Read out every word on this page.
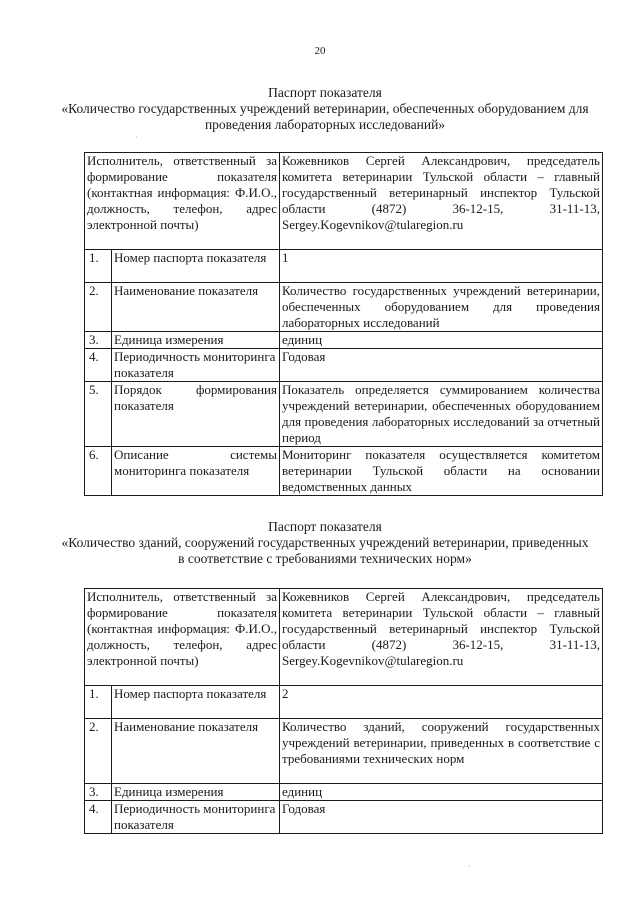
20
Паспорт показателя
«Количество государственных учреждений ветеринарии, обеспеченных оборудованием для проведения лабораторных исследований»
Исполнитель, ответственный за формирование показателя (контактная информация: Ф.И.О., должность, телефон, адрес электронной почты)		Кожевников Сергей Александрович, председатель комитета ветеринарии Тульской области – главный государственный ветеринарный инспектор Тульской области (4872) 36-12-15, 31-11-13, Sergey.Kogevnikov@tularegion.ru
1.	Номер паспорта показателя	1
2.	Наименование показателя	Количество государственных учреждений ветеринарии, обеспеченных оборудованием для проведения лабораторных исследований
3.	Единица измерения	единиц
4.	Периодичность мониторинга показателя	Годовая
5.	Порядок формирования показателя	Показатель определяется суммированием количества учреждений ветеринарии, обеспеченных оборудованием для проведения лабораторных исследований за отчетный период
6.	Описание системы мониторинга показателя	Мониторинг показателя осуществляется комитетом ветеринарии Тульской области на основании ведомственных данных
Паспорт показателя
«Количество зданий, сооружений государственных учреждений ветеринарии, приведенных в соответствие с требованиями технических норм»
Исполнитель, ответственный за формирование показателя (контактная информация: Ф.И.О., должность, телефон, адрес электронной почты)		Кожевников Сергей Александрович, председатель комитета ветеринарии Тульской области – главный государственный ветеринарный инспектор Тульской области (4872) 36-12-15, 31-11-13, Sergey.Kogevnikov@tularegion.ru
1.	Номер паспорта показателя	2
2.	Наименование показателя	Количество зданий, сооружений государственных учреждений ветеринарии, приведенных в соответствие с требованиями технических норм
3.	Единица измерения	единиц
4.	Периодичность мониторинга показателя	Годовая
·
ˏ
